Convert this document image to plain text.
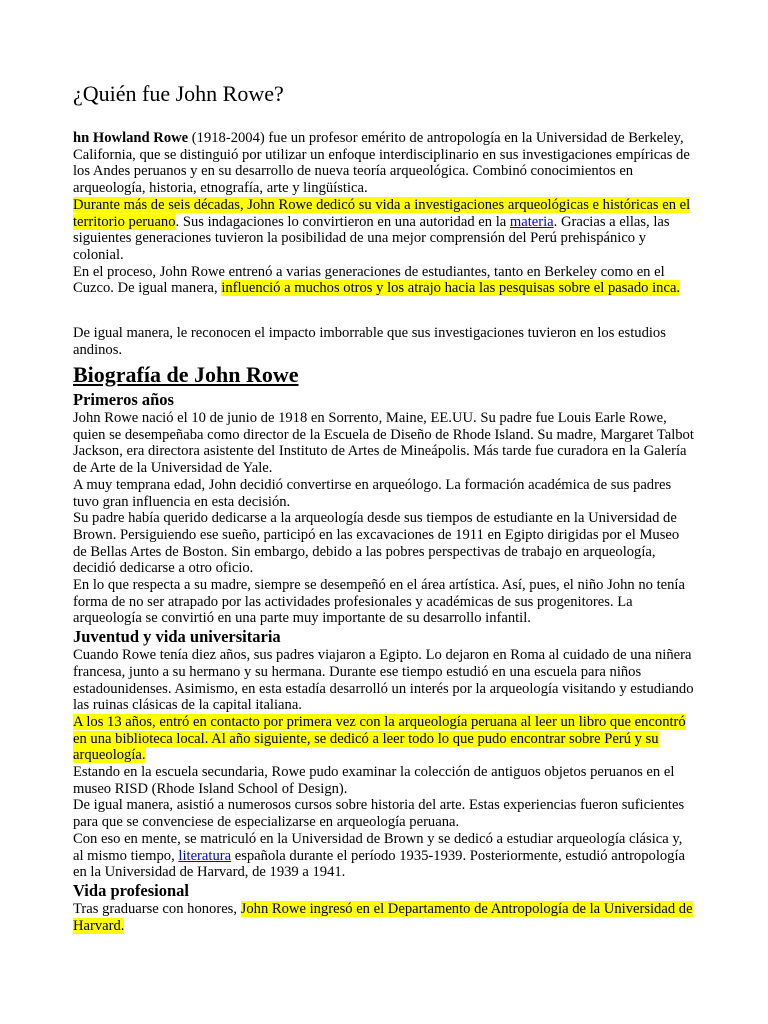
¿Quién fue John Rowe?

hn Howland Rowe (1918-2004) fue un profesor emérito de antropología en la Universidad de Berkeley, California, que se distinguió por utilizar un enfoque interdisciplinario en sus investigaciones empíricas de los Andes peruanos y en su desarrollo de nueva teoría arqueológica. Combinó conocimientos en arqueología, historia, etnografía, arte y lingüística.

Durante más de seis décadas, John Rowe dedicó su vida a investigaciones arqueológicas e históricas en el territorio peruano. Sus indagaciones lo convirtieron en una autoridad en la materia. Gracias a ellas, las siguientes generaciones tuvieron la posibilidad de una mejor comprensión del Perú prehispánico y colonial.

En el proceso, John Rowe entrenó a varias generaciones de estudiantes, tanto en Berkeley como en el Cuzco. De igual manera, influenció a muchos otros y los atrajo hacia las pesquisas sobre el pasado inca.

De igual manera, le reconocen el impacto imborrable que sus investigaciones tuvieron en los estudios andinos.

Biografía de John Rowe
Primeros años

John Rowe nació el 10 de junio de 1918 en Sorrento, Maine, EE.UU. Su padre fue Louis Earle Rowe, quien se desempeñaba como director de la Escuela de Diseño de Rhode Island. Su madre, Margaret Talbot Jackson, era directora asistente del Instituto de Artes de Mineápolis. Más tarde fue curadora en la Galería de Arte de la Universidad de Yale.

A muy temprana edad, John decidió convertirse en arqueólogo. La formación académica de sus padres tuvo gran influencia en esta decisión.

Su padre había querido dedicarse a la arqueología desde sus tiempos de estudiante en la Universidad de Brown. Persiguiendo ese sueño, participó en las excavaciones de 1911 en Egipto dirigidas por el Museo de Bellas Artes de Boston. Sin embargo, debido a las pobres perspectivas de trabajo en arqueología, decidió dedicarse a otro oficio.

En lo que respecta a su madre, siempre se desempeñó en el área artística. Así, pues, el niño John no tenía forma de no ser atrapado por las actividades profesionales y académicas de sus progenitores. La arqueología se convirtió en una parte muy importante de su desarrollo infantil.

Juventud y vida universitaria

Cuando Rowe tenía diez años, sus padres viajaron a Egipto. Lo dejaron en Roma al cuidado de una niñera francesa, junto a su hermano y su hermana. Durante ese tiempo estudió en una escuela para niños estadounidenses. Asimismo, en esta estadía desarrolló un interés por la arqueología visitando y estudiando las ruinas clásicas de la capital italiana.

A los 13 años, entró en contacto por primera vez con la arqueología peruana al leer un libro que encontró en una biblioteca local. Al año siguiente, se dedicó a leer todo lo que pudo encontrar sobre Perú y su arqueología.

Estando en la escuela secundaria, Rowe pudo examinar la colección de antiguos objetos peruanos en el museo RISD (Rhode Island School of Design).

De igual manera, asistió a numerosos cursos sobre historia del arte. Estas experiencias fueron suficientes para que se convenciese de especializarse en arqueología peruana.

Con eso en mente, se matriculó en la Universidad de Brown y se dedicó a estudiar arqueología clásica y, al mismo tiempo, literatura española durante el período 1935-1939. Posteriormente, estudió antropología en la Universidad de Harvard, de 1939 a 1941.

Vida profesional

Tras graduarse con honores, John Rowe ingresó en el Departamento de Antropología de la Universidad de Harvard.
